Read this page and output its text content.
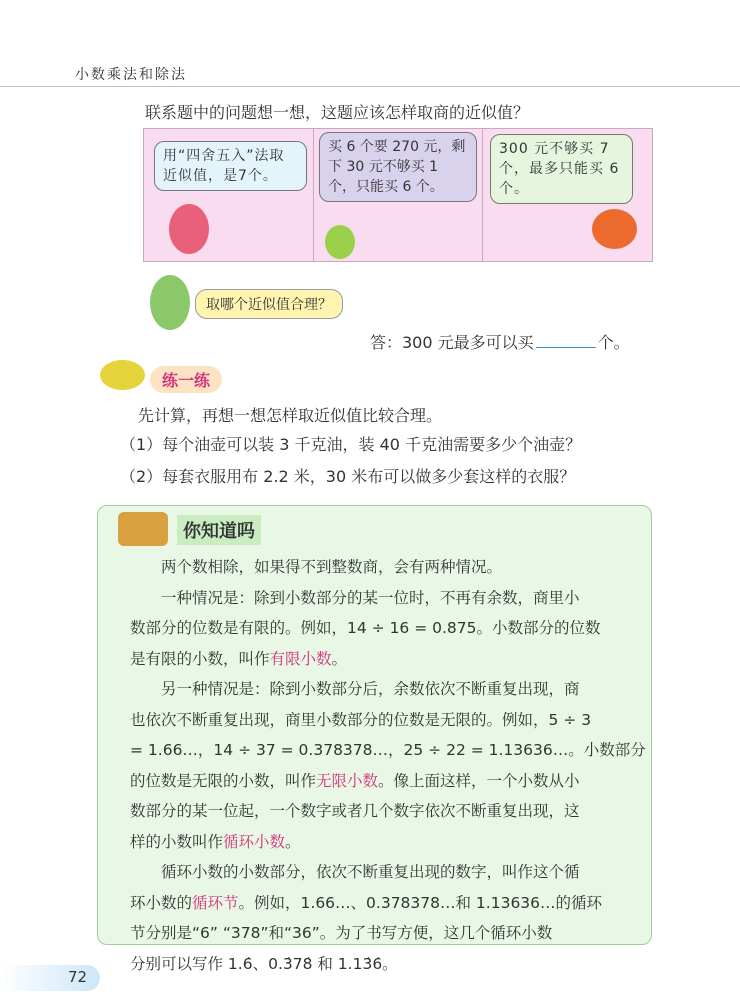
小数乘法和除法
联系题中的问题想一想，这题应该怎样取商的近似值？
用“四舍五入”法取近似值，是7个。
买 6 个要 270 元，剩下 30 元不够买 1 个，只能买 6 个。
300 元不够买 7 个，最多只能买 6 个。
取哪个近似值合理？
答：300 元最多可以买	个。
练一练
先计算，再想一想怎样取近似值比较合理。
（1）每个油壶可以装 3 千克油，装 40 千克油需要多少个油壶？
（2）每套衣服用布 2.2 米，30 米布可以做多少套这样的衣服？
你知道吗
　　两个数相除，如果得不到整数商，会有两种情况。
　　一种情况是：除到小数部分的某一位时，不再有余数，商里小
数部分的位数是有限的。例如，14 ÷ 16 = 0.875。小数部分的位数
是有限的小数，叫作有限小数。
　　另一种情况是：除到小数部分后，余数依次不断重复出现，商
也依次不断重复出现，商里小数部分的位数是无限的。例如，5 ÷ 3
= 1.66…，14 ÷ 37 = 0.378378…，25 ÷ 22 = 1.13636…。小数部分
的位数是无限的小数，叫作无限小数。像上面这样，一个小数从小
数部分的某一位起，一个数字或者几个数字依次不断重复出现，这
样的小数叫作循环小数。
　　循环小数的小数部分，依次不断重复出现的数字，叫作这个循
环小数的循环节。例如，1.66…、0.378378…和 1.13636…的循环
节分别是“6” “378”和“36”。为了书写方便，这几个循环小数
分别可以写作 1.6̇、0.3̇78̇ 和 1.13̇6̇。
72
